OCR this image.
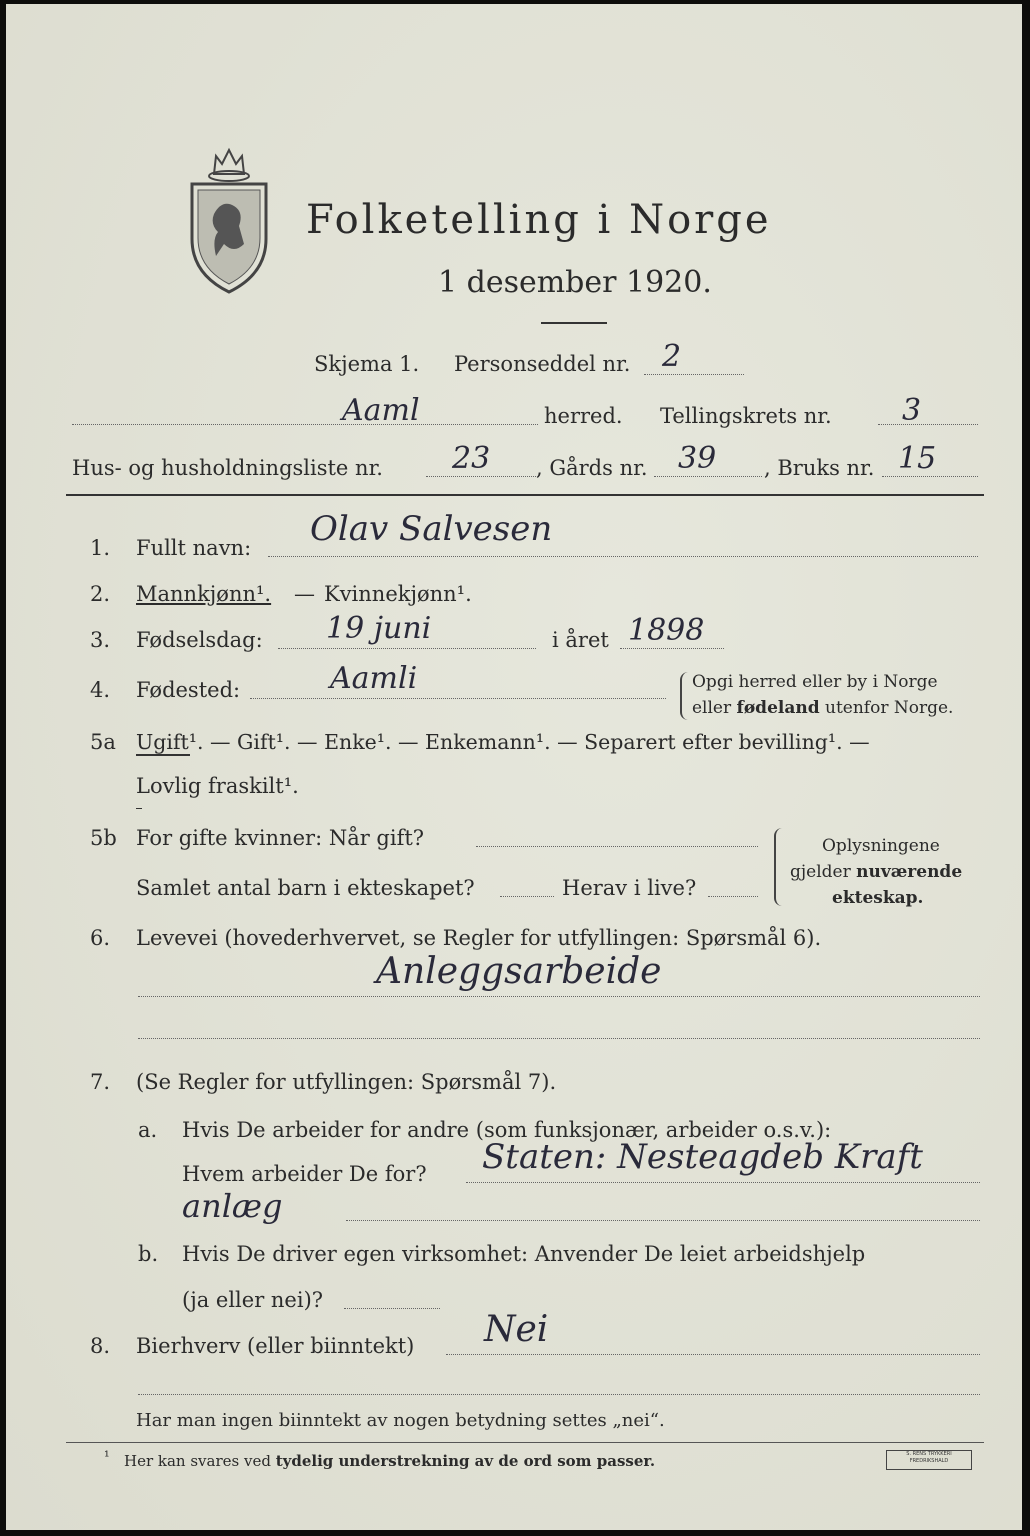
Folketelling i Norge
1 desember 1920.
Skjema 1. Personseddel nr. 2
Aaml	herred. Tellingskrets nr. 3
Hus- og husholdningsliste nr. 23 , Gårds nr. 39 , Bruks nr. 15
1. Fullt navn: Olav Salvesen
2. Mannkjønn¹. — Kvinnekjønn¹.
3. Fødselsdag: 19 juni	i året 1898
4. Fødested:	Aamli	Opgi herred eller by i Norge
eller fødeland utenfor Norge.
5a Ugift¹. — Gift¹. — Enke¹. — Enkemann¹. — Separert efter bevilling¹. —
Lovlig fraskilt¹.
5b For gifte kvinner: Når gift?
Samlet antal barn i ekteskapet?	Herav i live?
Oplysningene
gjelder nuværende
ekteskap.
6. Levevei (hovederhvervet, se Regler for utfyllingen: Spørsmål 6).
Anleggsarbeide
7. (Se Regler for utfyllingen: Spørsmål 7).
a. Hvis De arbeider for andre (som funksjonær, arbeider o.s.v.):
Hvem arbeider De for? Staten: Nesteagdeb Kraft
anlæg
b. Hvis De driver egen virksomhet: Anvender De leiet arbeidshjelp
(ja eller nei)?
8. Bierhverv (eller biinntekt) Nei
Har man ingen biinntekt av nogen betydning settes „nei“.
¹ Her kan svares ved tydelig understrekning av de ord som passer.	S. RENS TRYKKERI FREDRIKSHALD
